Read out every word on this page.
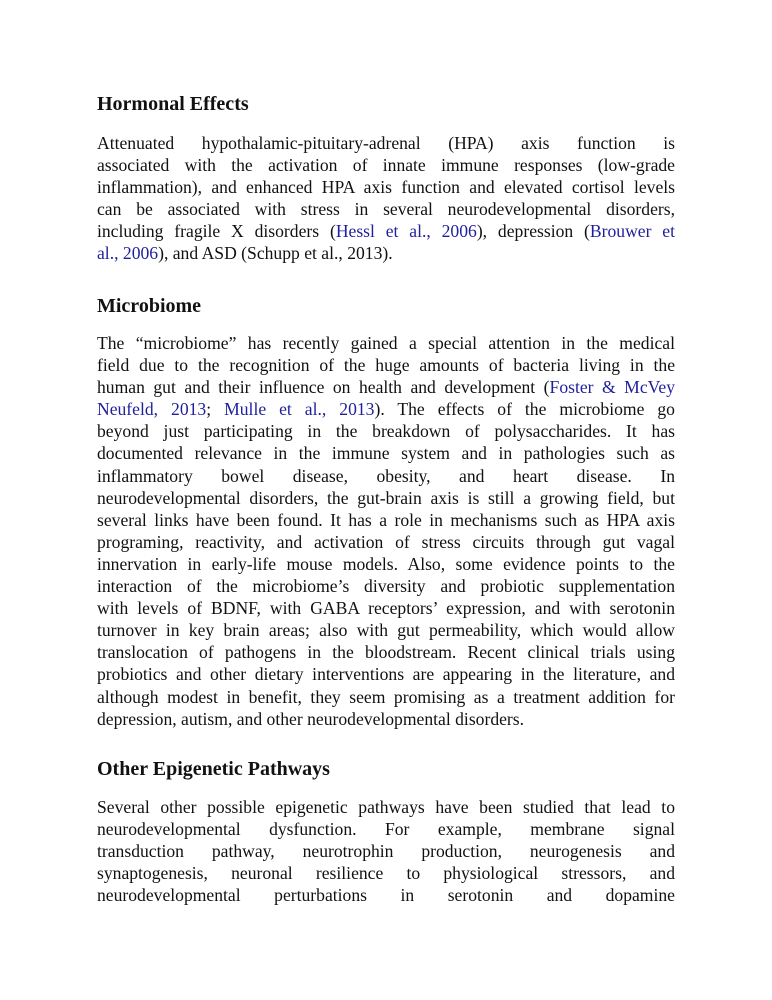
Hormonal Effects
Attenuated hypothalamic-pituitary-adrenal (HPA) axis function is
associated with the activation of innate immune responses (low-grade
inflammation), and enhanced HPA axis function and elevated cortisol levels
can be associated with stress in several neurodevelopmental disorders,
including fragile X disorders (Hessl et al., 2006), depression (Brouwer et
al., 2006), and ASD (Schupp et al., 2013).
Microbiome
The “microbiome” has recently gained a special attention in the medical
field due to the recognition of the huge amounts of bacteria living in the
human gut and their influence on health and development (Foster & McVey
Neufeld, 2013; Mulle et al., 2013). The effects of the microbiome go
beyond just participating in the breakdown of polysaccharides. It has
documented relevance in the immune system and in pathologies such as
inflammatory bowel disease, obesity, and heart disease. In
neurodevelopmental disorders, the gut-brain axis is still a growing field, but
several links have been found. It has a role in mechanisms such as HPA axis
programing, reactivity, and activation of stress circuits through gut vagal
innervation in early-life mouse models. Also, some evidence points to the
interaction of the microbiome’s diversity and probiotic supplementation
with levels of BDNF, with GABA receptors’ expression, and with serotonin
turnover in key brain areas; also with gut permeability, which would allow
translocation of pathogens in the bloodstream. Recent clinical trials using
probiotics and other dietary interventions are appearing in the literature, and
although modest in benefit, they seem promising as a treatment addition for
depression, autism, and other neurodevelopmental disorders.
Other Epigenetic Pathways
Several other possible epigenetic pathways have been studied that lead to
neurodevelopmental dysfunction. For example, membrane signal
transduction pathway, neurotrophin production, neurogenesis and
synaptogenesis, neuronal resilience to physiological stressors, and
neurodevelopmental perturbations in serotonin and dopamine
